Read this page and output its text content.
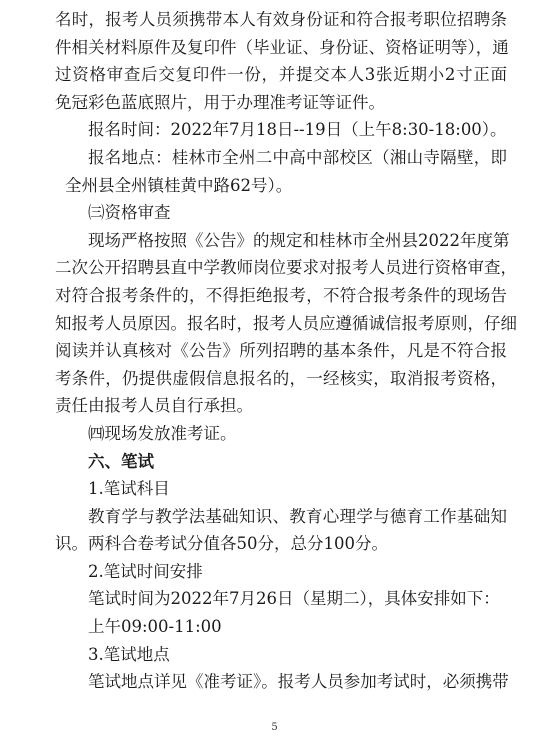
名时，报考人员须携带本人有效身份证和符合报考职位招聘条
件相关材料原件及复印件（毕业证、身份证、资格证明等），通
过资格审查后交复印件一份，并提交本人3张近期小2寸正面
免冠彩色蓝底照片，用于办理准考证等证件。
报名时间：2022年7月18日--19日（上午8:30-18:00）。
报名地点：桂林市全州二中高中部校区（湘山寺隔壁，即
全州县全州镇桂黄中路62号）。
㈢资格审查
现场严格按照《公告》的规定和桂林市全州县2022年度第
二次公开招聘县直中学教师岗位要求对报考人员进行资格审查，
对符合报考条件的，不得拒绝报考，不符合报考条件的现场告
知报考人员原因。报名时，报考人员应遵循诚信报考原则，仔细
阅读并认真核对《公告》所列招聘的基本条件，凡是不符合报
考条件，仍提供虚假信息报名的，一经核实，取消报考资格，
责任由报考人员自行承担。
㈣现场发放准考证。
六、笔试
1.笔试科目
教育学与教学法基础知识、教育心理学与德育工作基础知
识。两科合卷考试分值各50分，总分100分。
2.笔试时间安排
笔试时间为2022年7月26日（星期二），具体安排如下：
上午09:00-11:00
3.笔试地点
笔试地点详见《准考证》。报考人员参加考试时，必须携带
5
